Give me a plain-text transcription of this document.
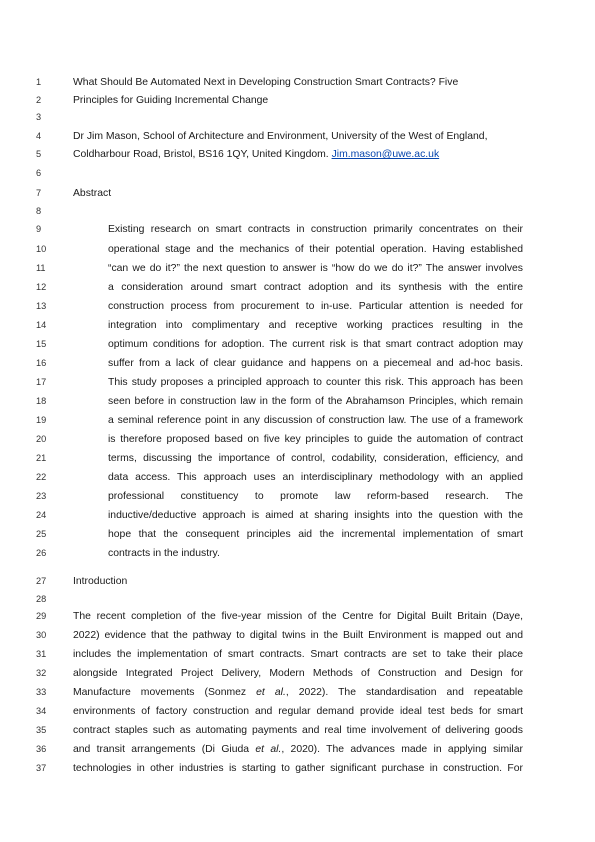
1	What Should Be Automated Next in Developing Construction Smart Contracts? Five
2	Principles for Guiding Incremental Change
3
4	Dr Jim Mason, School of Architecture and Environment, University of the West of England,
5	Coldharbour Road, Bristol, BS16 1QY, United Kingdom. Jim.mason@uwe.ac.uk
6
7	Abstract
8
9	Existing research on smart contracts in construction primarily concentrates on their
10	operational stage and the mechanics of their potential operation. Having established
11	“can we do it?” the next question to answer is “how do we do it?” The answer involves
12	a consideration around smart contract adoption and its synthesis with the entire
13	construction process from procurement to in-use. Particular attention is needed for
14	integration into complimentary and receptive working practices resulting in the
15	optimum conditions for adoption. The current risk is that smart contract adoption may
16	suffer from a lack of clear guidance and happens on a piecemeal and ad-hoc basis.
17	This study proposes a principled approach to counter this risk. This approach has been
18	seen before in construction law in the form of the Abrahamson Principles, which remain
19	a seminal reference point in any discussion of construction law. The use of a framework
20	is therefore proposed based on five key principles to guide the automation of contract
21	terms, discussing the importance of control, codability, consideration, efficiency, and
22	data access. This approach uses an interdisciplinary methodology with an applied
23	professional constituency to promote law reform-based research. The
24	inductive/deductive approach is aimed at sharing insights into the question with the
25	hope that the consequent principles aid the incremental implementation of smart
26	contracts in the industry.
27	Introduction
28
29	The recent completion of the five-year mission of the Centre for Digital Built Britain (Daye,
30	2022) evidence that the pathway to digital twins in the Built Environment is mapped out and
31	includes the implementation of smart contracts. Smart contracts are set to take their place
32	alongside Integrated Project Delivery, Modern Methods of Construction and Design for
33	Manufacture movements (Sonmez et al., 2022). The standardisation and repeatable
34	environments of factory construction and regular demand provide ideal test beds for smart
35	contract staples such as automating payments and real time involvement of delivering goods
36	and transit arrangements (Di Giuda et al., 2020). The advances made in applying similar
37	technologies in other industries is starting to gather significant purchase in construction. For
